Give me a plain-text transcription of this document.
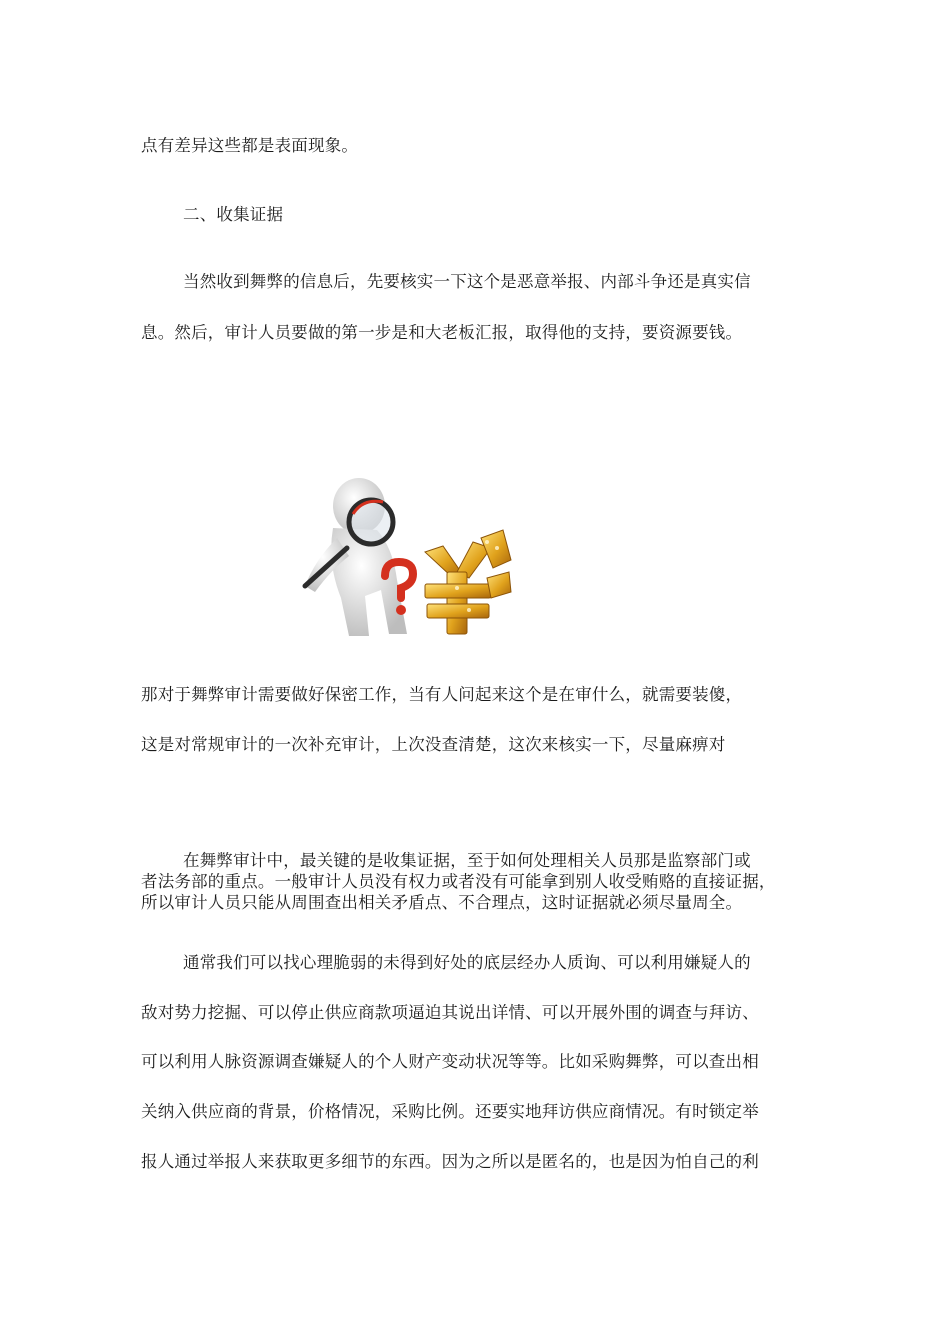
点有差异这些都是表面现象。
二、收集证据
当然收到舞弊的信息后，先要核实一下这个是恶意举报、内部斗争还是真实信
息。然后，审计人员要做的第一步是和大老板汇报，取得他的支持，要资源要钱。
那对于舞弊审计需要做好保密工作，当有人问起来这个是在审什么，就需要装傻，
这是对常规审计的一次补充审计，上次没查清楚，这次来核实一下，尽量麻痹对
在舞弊审计中，最关键的是收集证据，至于如何处理相关人员那是监察部门或
者法务部的重点。一般审计人员没有权力或者没有可能拿到别人收受贿赂的直接证据，
所以审计人员只能从周围查出相关矛盾点、不合理点，这时证据就必须尽量周全。
通常我们可以找心理脆弱的未得到好处的底层经办人质询、可以利用嫌疑人的
敌对势力挖掘、可以停止供应商款项逼迫其说出详情、可以开展外围的调查与拜访、
可以利用人脉资源调查嫌疑人的个人财产变动状况等等。比如采购舞弊，可以查出相
关纳入供应商的背景，价格情况，采购比例。还要实地拜访供应商情况。有时锁定举
报人通过举报人来获取更多细节的东西。因为之所以是匿名的，也是因为怕自己的利
